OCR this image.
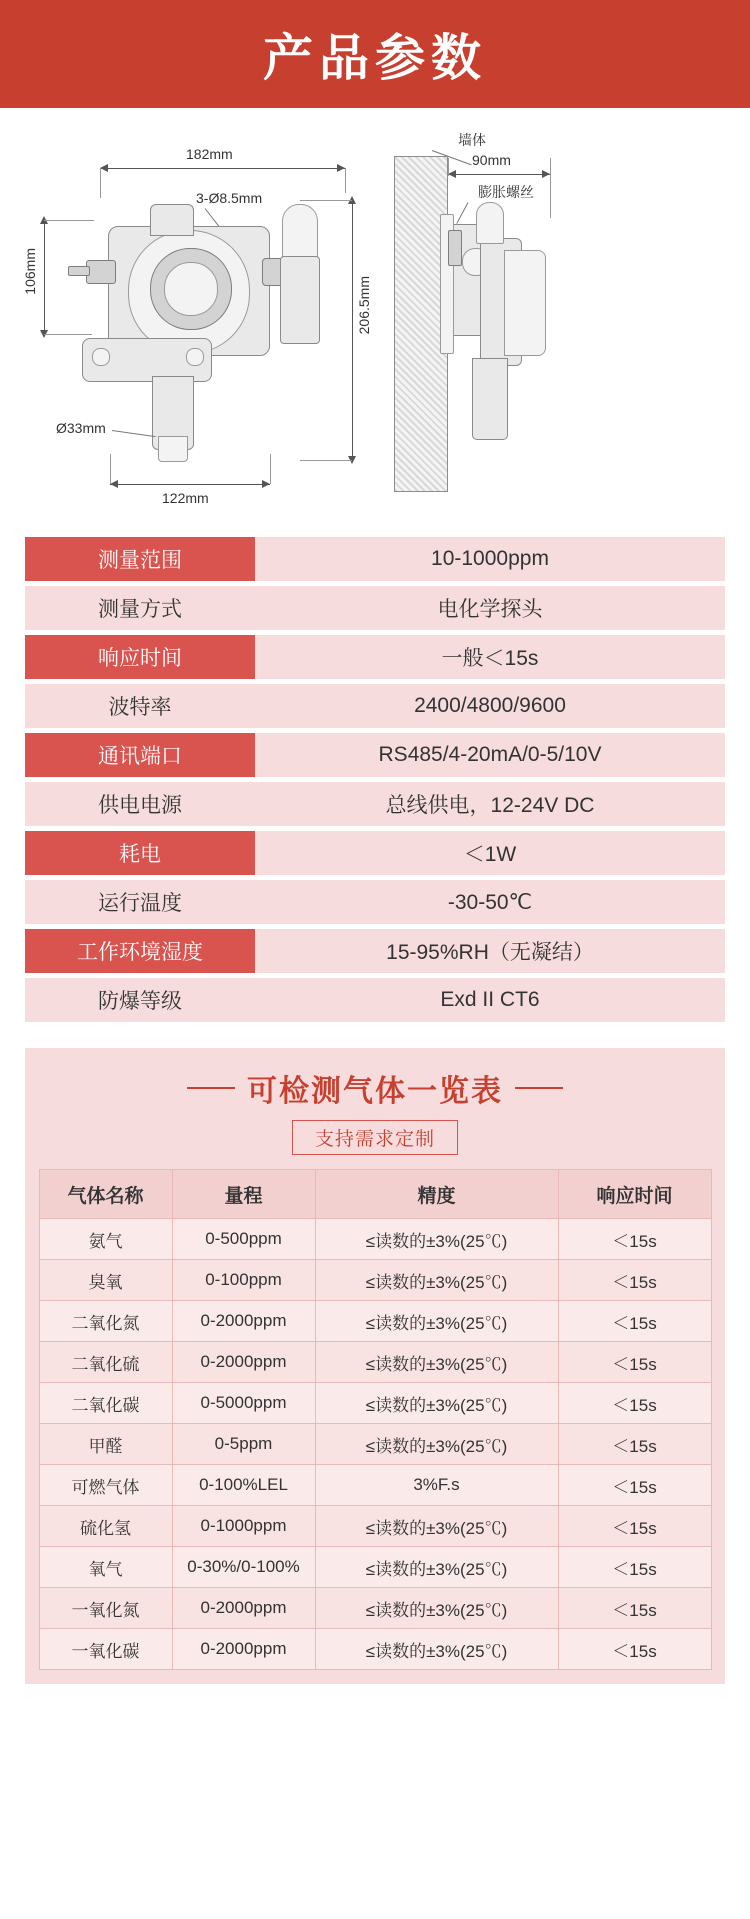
产品参数
182mm
3-Ø8.5mm
106mm
206.5mm
Ø33mm
122mm
墙体
90mm
膨胀螺丝
测量范围	10-1000ppm

测量方式	电化学探头

响应时间	一般＜15s

波特率	2400/4800/9600

通讯端口	RS485/4-20mA/0-5/10V

供电电源	总线供电，12-24V DC

耗电	＜1W

运行温度	-30-50℃

工作环境湿度	15-95%RH（无凝结）

防爆等级	Exd II CT6
可检测气体一览表
支持需求定制
气体名称	量程	精度	响应时间
氨气	0-500ppm	≤读数的±3%(25℃)	＜15s
臭氧	0-100ppm	≤读数的±3%(25℃)	＜15s
二氧化氮	0-2000ppm	≤读数的±3%(25℃)	＜15s
二氧化硫	0-2000ppm	≤读数的±3%(25℃)	＜15s
二氧化碳	0-5000ppm	≤读数的±3%(25℃)	＜15s
甲醛	0-5ppm	≤读数的±3%(25℃)	＜15s
可燃气体	0-100%LEL	3%F.s	＜15s
硫化氢	0-1000ppm	≤读数的±3%(25℃)	＜15s
氧气	0-30%/0-100%	≤读数的±3%(25℃)	＜15s
一氧化氮	0-2000ppm	≤读数的±3%(25℃)	＜15s
一氧化碳	0-2000ppm	≤读数的±3%(25℃)	＜15s
